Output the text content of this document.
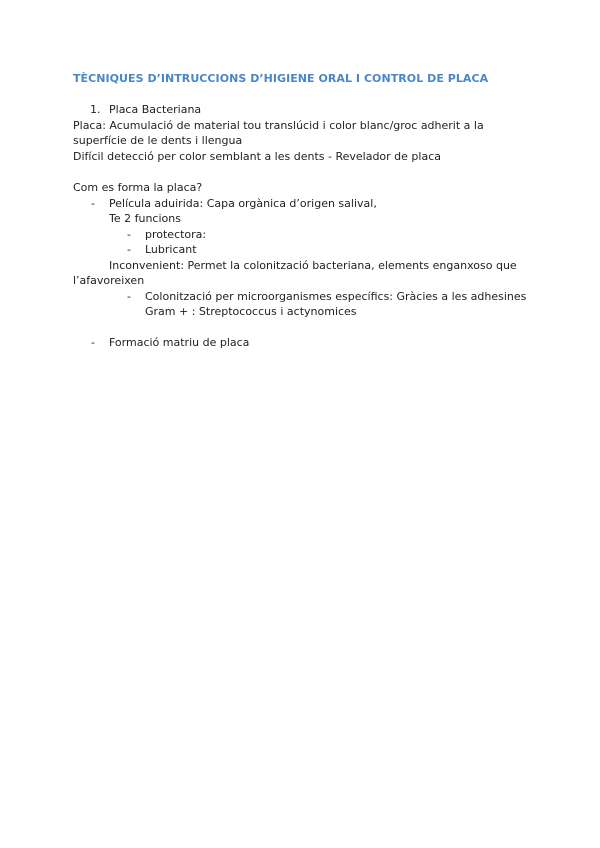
TÈCNIQUES D’INTRUCCIONS D’HIGIENE ORAL I CONTROL DE PLACA
1. Placa Bacteriana
Placa: Acumulació de material tou translúcid i color blanc/groc adherit a la
superfície de le dents i llengua
Difícil detecció per color semblant a les dents - Revelador de placa
Com es forma la placa?
- Película aduirida: Capa orgànica d’origen salival,
Te 2 funcions
- protectora:
- Lubricant
Inconvenient: Permet la colonització bacteriana, elements enganxoso que
l’afavoreixen
- Colonització per microorganismes específics: Gràcies a les adhesines
Gram + : Streptococcus i actynomices
- Formació matriu de placa
